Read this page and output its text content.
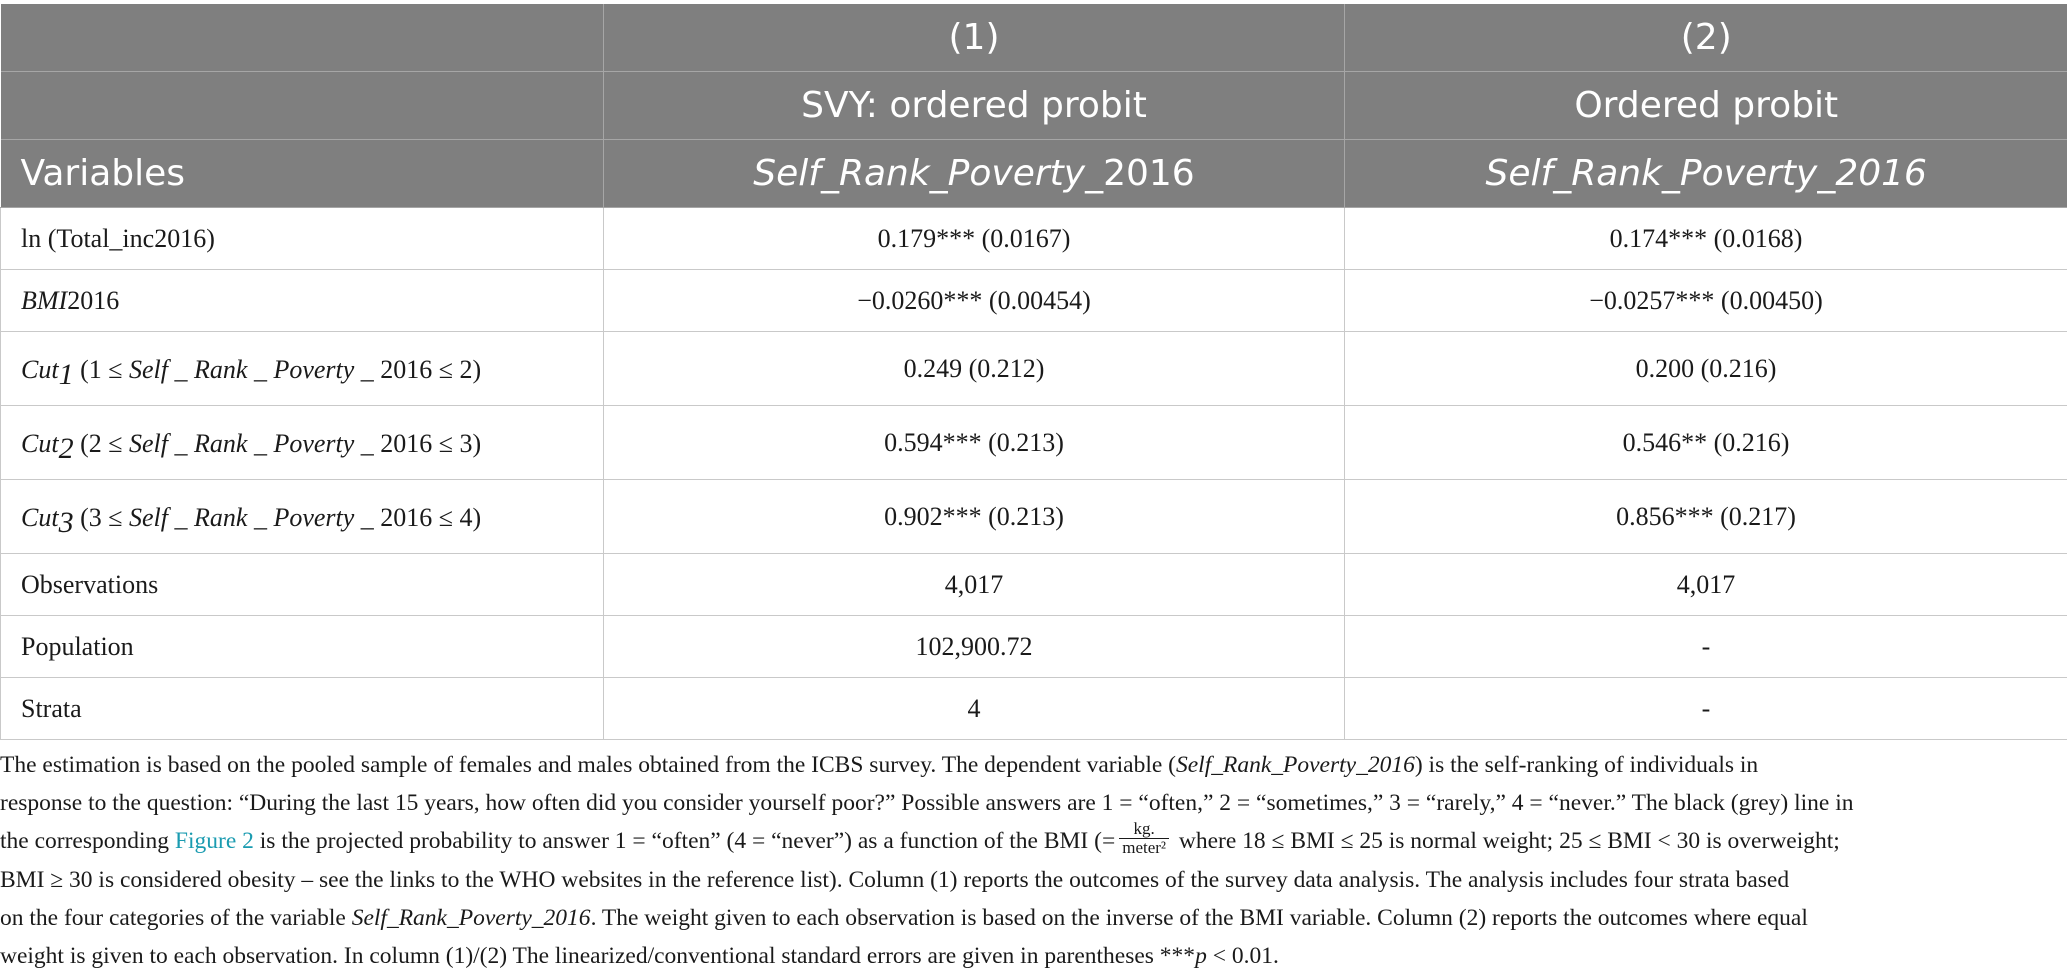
	(1)	(2)
	SVY: ordered probit	Ordered probit
Variables	Self_Rank_Poverty_2016	Self_Rank_Poverty_2016
ln (Total_inc2016)	0.179*** (0.0167)	0.174*** (0.0168)
BMI2016	−0.0260*** (0.00454)	−0.0257*** (0.00450)
Cut1 (1 ≤ Self _ Rank _ Poverty _ 2016 ≤ 2)	0.249 (0.212)	0.200 (0.216)
Cut2 (2 ≤ Self _ Rank _ Poverty _ 2016 ≤ 3)	0.594*** (0.213)	0.546** (0.216)
Cut3 (3 ≤ Self _ Rank _ Poverty _ 2016 ≤ 4)	0.902*** (0.213)	0.856*** (0.217)
Observations	4,017	4,017
Population	102,900.72	-
Strata	4	-

The estimation is based on the pooled sample of females and males obtained from the ICBS survey. The dependent variable (Self_Rank_Poverty_2016) is the self-ranking of individuals in

response to the question: “During the last 15 years, how often did you consider yourself poor?” Possible answers are 1 = “often,” 2 = “sometimes,” 3 = “rarely,” 4 = “never.” The black (grey) line in

the corresponding Figure 2 is the projected probability to answer 1 = “often” (4 = “never”) as a function of the BMI (= $\frac{kg.}{\text{meter²}}$ where 18 ≤ BMI ≤ 25 is normal weight; 25 ≤ BMI < 30 is overweight;

BMI ≥ 30 is considered obesity – see the links to the WHO websites in the reference list). Column (1) reports the outcomes of the survey data analysis. The analysis includes four strata based

on the four categories of the variable Self_Rank_Poverty_2016. The weight given to each observation is based on the inverse of the BMI variable. Column (2) reports the outcomes where equal

weight is given to each observation. In column (1)/(2) The linearized/conventional standard errors are given in parentheses ***p < 0.01.
